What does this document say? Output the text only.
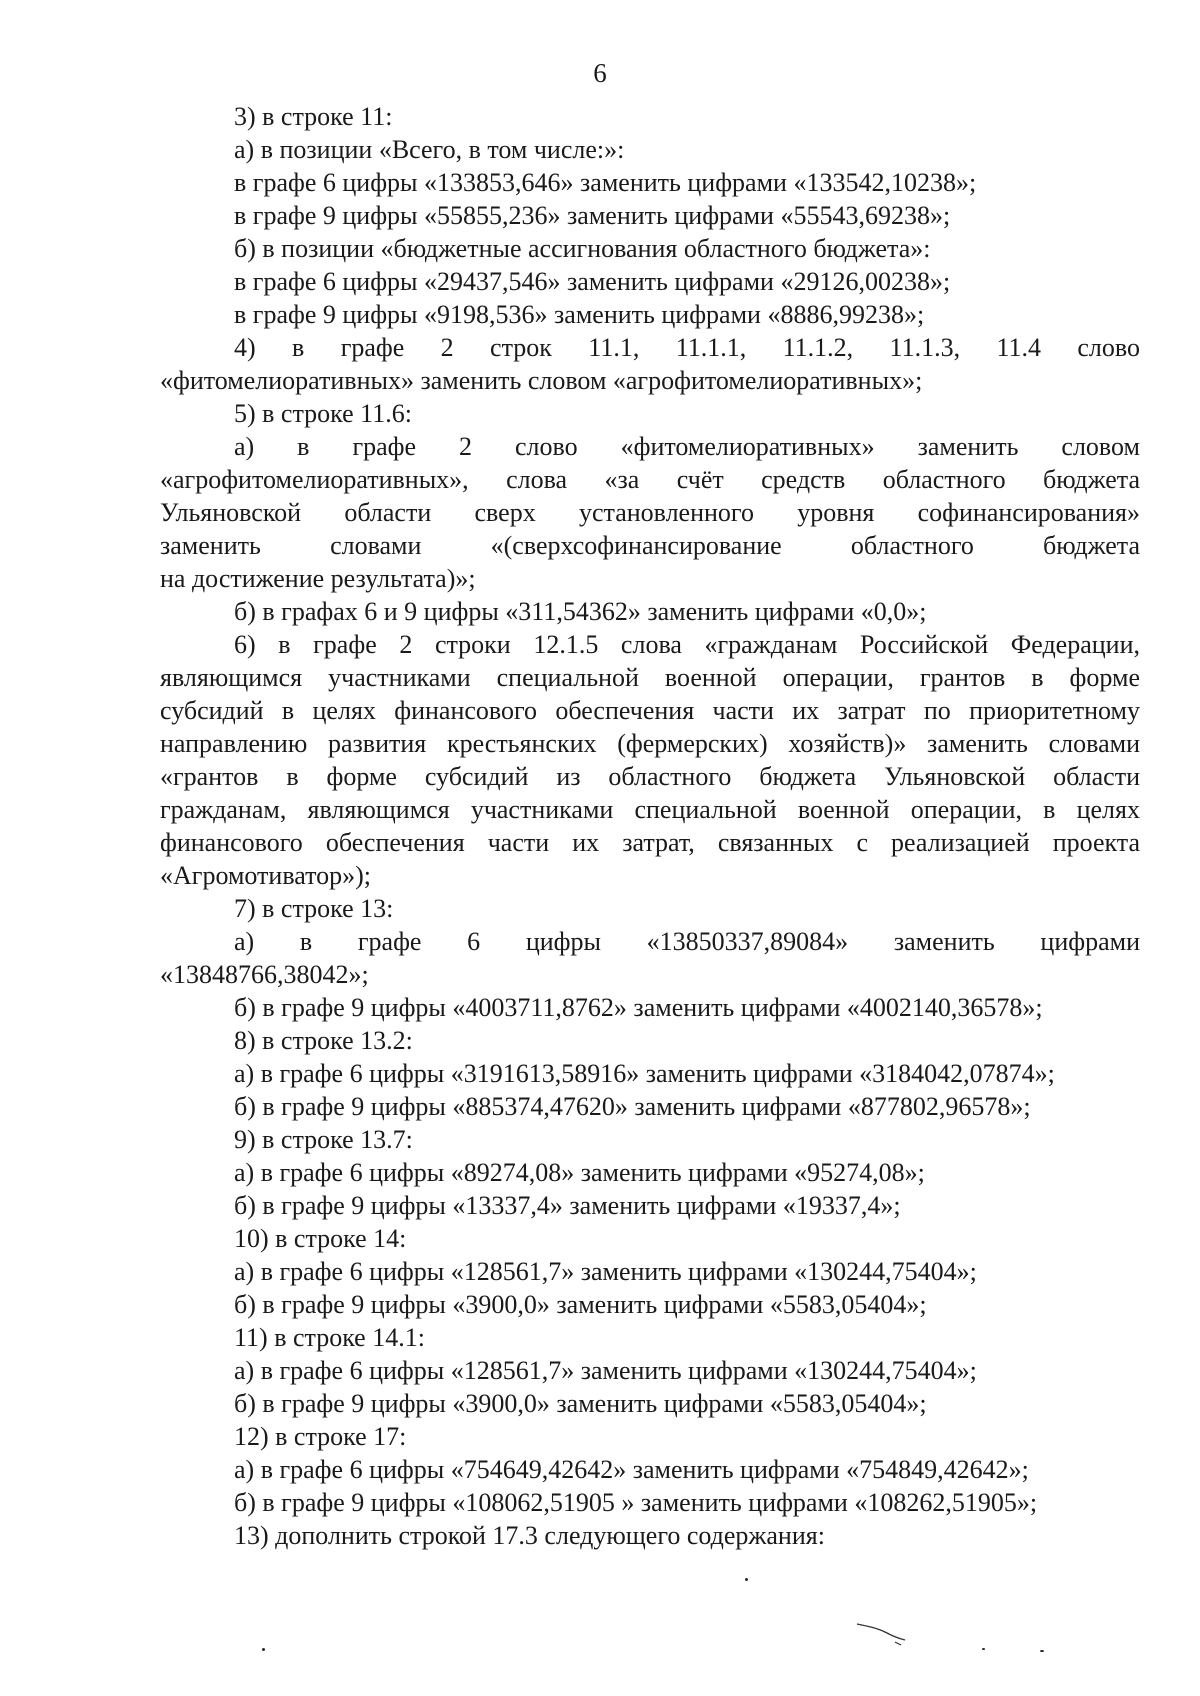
6
3) в строке 11:
а) в позиции «Всего, в том числе:»:
в графе 6 цифры «133853,646» заменить цифрами «133542,10238»;
в графе 9 цифры «55855,236» заменить цифрами «55543,69238»;
б) в позиции «бюджетные ассигнования областного бюджета»:
в графе 6 цифры «29437,546» заменить цифрами «29126,00238»;
в графе 9 цифры «9198,536» заменить цифрами «8886,99238»;
4) в графе 2 строк 11.1, 11.1.1, 11.1.2, 11.1.3, 11.4 слово
«фитомелиоративных» заменить словом «агрофитомелиоративных»;
5) в строке 11.6:
а) в графе 2 слово «фитомелиоративных» заменить словом
«агрофитомелиоративных», слова «за счёт средств областного бюджета
Ульяновской области сверх установленного уровня софинансирования»
заменить словами «(сверхсофинансирование областного бюджета
на достижение результата)»;
б) в графах 6 и 9 цифры «311,54362» заменить цифрами «0,0»;
6) в графе 2 строки 12.1.5 слова «гражданам Российской Федерации,
являющимся участниками специальной военной операции, грантов в форме
субсидий в целях финансового обеспечения части их затрат по приоритетному
направлению развития крестьянских (фермерских) хозяйств)» заменить словами
«грантов в форме субсидий из областного бюджета Ульяновской области
гражданам, являющимся участниками специальной военной операции, в целях
финансового обеспечения части их затрат, связанных с реализацией проекта
«Агромотиватор»);
7) в строке 13:
а) в графе 6 цифры «13850337,89084» заменить цифрами
«13848766,38042»;
б) в графе 9 цифры «4003711,8762» заменить цифрами «4002140,36578»;
8) в строке 13.2:
а) в графе 6 цифры «3191613,58916» заменить цифрами «3184042,07874»;
б) в графе 9 цифры «885374,47620» заменить цифрами «877802,96578»;
9) в строке 13.7:
а) в графе 6 цифры «89274,08» заменить цифрами «95274,08»;
б) в графе 9 цифры «13337,4» заменить цифрами «19337,4»;
10) в строке 14:
а) в графе 6 цифры «128561,7» заменить цифрами «130244,75404»;
б) в графе 9 цифры «3900,0» заменить цифрами «5583,05404»;
11) в строке 14.1:
а) в графе 6 цифры «128561,7» заменить цифрами «130244,75404»;
б) в графе 9 цифры «3900,0» заменить цифрами «5583,05404»;
12) в строке 17:
а) в графе 6 цифры «754649,42642» заменить цифрами «754849,42642»;
б) в графе 9 цифры «108062,51905 » заменить цифрами «108262,51905»;
13) дополнить строкой 17.3 следующего содержания:
